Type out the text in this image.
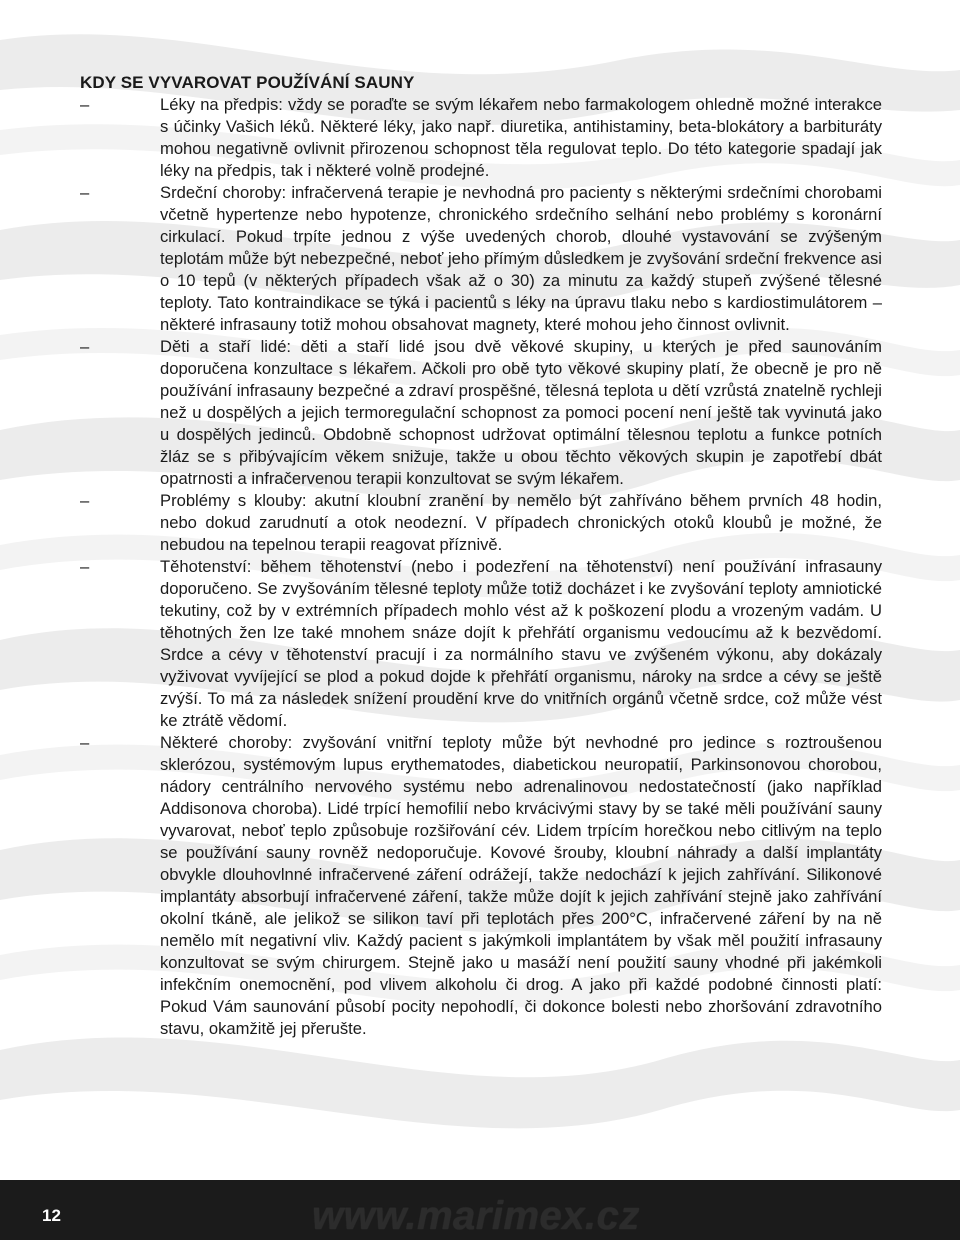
KDY SE VYVAROVAT POUŽÍVÁNÍ SAUNY
–	Léky na předpis: vždy se poraďte se svým lékařem nebo farmakologem ohledně možné interakce s účinky Vašich léků. Některé léky, jako např. diuretika, antihistaminy, beta-blokátory a barbituráty mohou negativně ovlivnit přirozenou schopnost těla regulovat teplo. Do této kategorie spadají jak léky na předpis, tak i některé volně prodejné.
–	Srdeční choroby: infračervená terapie je nevhodná pro pacienty s některými srdečními chorobami včetně hypertenze nebo hypotenze, chronického srdečního selhání nebo problémy s koronární cirkulací. Pokud trpíte jednou z výše uvedených chorob, dlouhé vystavování se zvýšeným teplotám může být nebezpečné, neboť jeho přímým důsledkem je zvyšování srdeční frekvence asi o 10 tepů (v některých případech však až o 30) za minutu za každý stupeň zvýšené tělesné teploty. Tato kontraindikace se týká i pacientů s léky na úpravu tlaku nebo s kardiostimulátorem – některé infrasauny totiž mohou obsahovat magnety, které mohou jeho činnost ovlivnit.
–	Děti a staří lidé: děti a staří lidé jsou dvě věkové skupiny, u kterých je před saunováním doporučena konzultace s lékařem. Ačkoli pro obě tyto věkové skupiny platí, že obecně je pro ně používání infrasauny bezpečné a zdraví prospěšné, tělesná teplota u dětí vzrůstá znatelně rychleji než u dospělých a jejich termoregulační schopnost za pomoci pocení není ještě tak vyvinutá jako u dospělých jedinců. Obdobně schopnost udržovat optimální tělesnou teplotu a funkce potních žláz se s přibývajícím věkem snižuje, takže u obou těchto věkových skupin je zapotřebí dbát opatrnosti a infračervenou terapii konzultovat se svým lékařem.
–	Problémy s klouby: akutní kloubní zranění by nemělo být zahříváno během prvních 48 hodin, nebo dokud zarudnutí a otok neodezní. V případech chronických otoků kloubů je možné, že nebudou na tepelnou terapii reagovat příznivě.
–	Těhotenství: během těhotenství (nebo i podezření na těhotenství) není používání infrasauny doporučeno. Se zvyšováním tělesné teploty může totiž docházet i ke zvyšování teploty amniotické tekutiny, což by v extrémních případech mohlo vést až k poškození plodu a vrozeným vadám. U těhotných žen lze také mnohem snáze dojít k přehřátí organismu vedoucímu až k bezvědomí. Srdce a cévy v těhotenství pracují i za normálního stavu ve zvýšeném výkonu, aby dokázaly vyživovat vyvíjející se plod a pokud dojde k přehřátí organismu, nároky na srdce a cévy se ještě zvýší. To má za následek snížení proudění krve do vnitřních orgánů včetně srdce, což může vést ke ztrátě vědomí.
–	Některé choroby: zvyšování vnitřní teploty může být nevhodné pro jedince s roztroušenou sklerózou, systémovým lupus erythematodes, diabetickou neuropatií, Parkinsonovou chorobou, nádory centrálního nervového systému nebo adrenalinovou nedostatečností (jako například Addisonova choroba). Lidé trpící hemofilií nebo krvácivými stavy by se také měli používání sauny vyvarovat, neboť teplo způsobuje rozšiřování cév. Lidem trpícím horečkou nebo citlivým na teplo se používání sauny rovněž nedoporučuje. Kovové šrouby, kloubní náhrady a další implantáty obvykle dlouhovlnné infračervené záření odrážejí, takže nedochází k jejich zahřívání. Silikonové implantáty absorbují infračervené záření, takže může dojít k jejich zahřívání stejně jako zahřívání okolní tkáně, ale jelikož se silikon taví při teplotách přes 200°C, infračervené záření by na ně nemělo mít negativní vliv. Každý pacient s jakýmkoli implantátem by však měl použití infrasauny konzultovat se svým chirurgem. Stejně jako u masáží není použití sauny vhodné při jakémkoli infekčním onemocnění, pod vlivem alkoholu či drog. A jako při každé podobné činnosti platí: Pokud Vám saunování působí pocity nepohodlí, či dokonce bolesti nebo zhoršování zdravotního stavu, okamžitě jej přerušte.
12	www.marimex.cz
